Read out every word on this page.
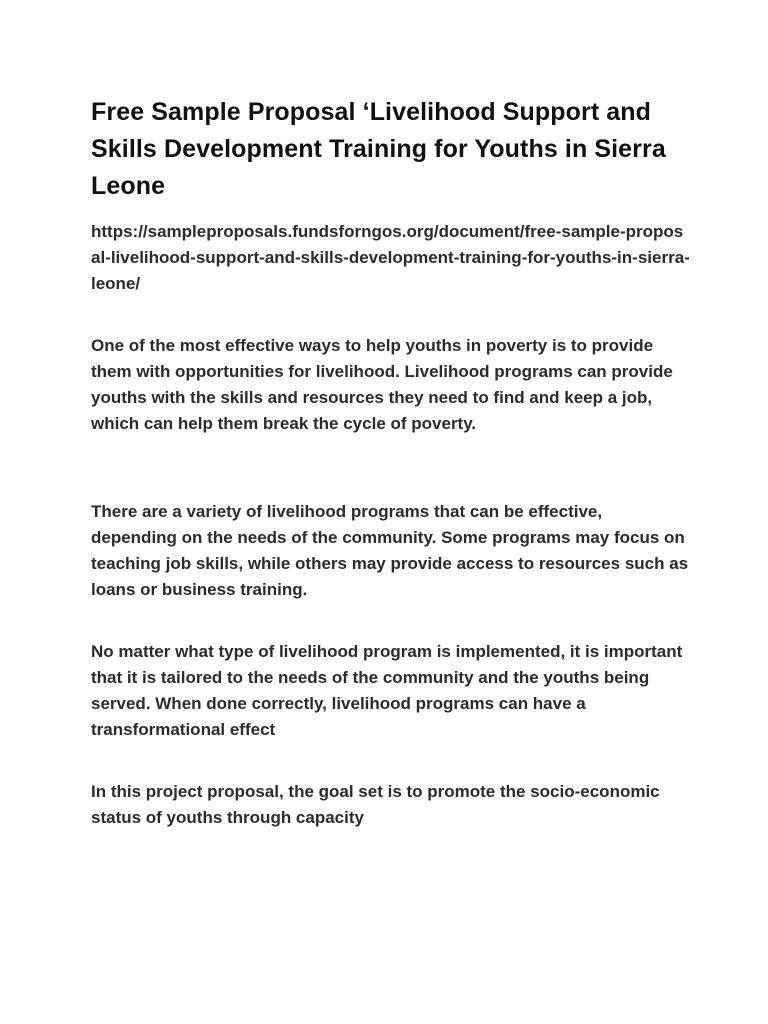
Free Sample Proposal ‘Livelihood Support and Skills Development Training for Youths in Sierra Leone

https://sampleproposals.fundsforngos.org/document/free-sample-proposal-livelihood-support-and-skills-development-training-for-youths-in-sierra-leone/

One of the most effective ways to help youths in poverty is to provide them with opportunities for livelihood. Livelihood programs can provide youths with the skills and resources they need to find and keep a job, which can help them break the cycle of poverty.

There are a variety of livelihood programs that can be effective, depending on the needs of the community. Some programs may focus on teaching job skills, while others may provide access to resources such as loans or business training.

No matter what type of livelihood program is implemented, it is important that it is tailored to the needs of the community and the youths being served. When done correctly, livelihood programs can have a transformational effect

In this project proposal, the goal set is to promote the socio-economic status of youths through capacity
